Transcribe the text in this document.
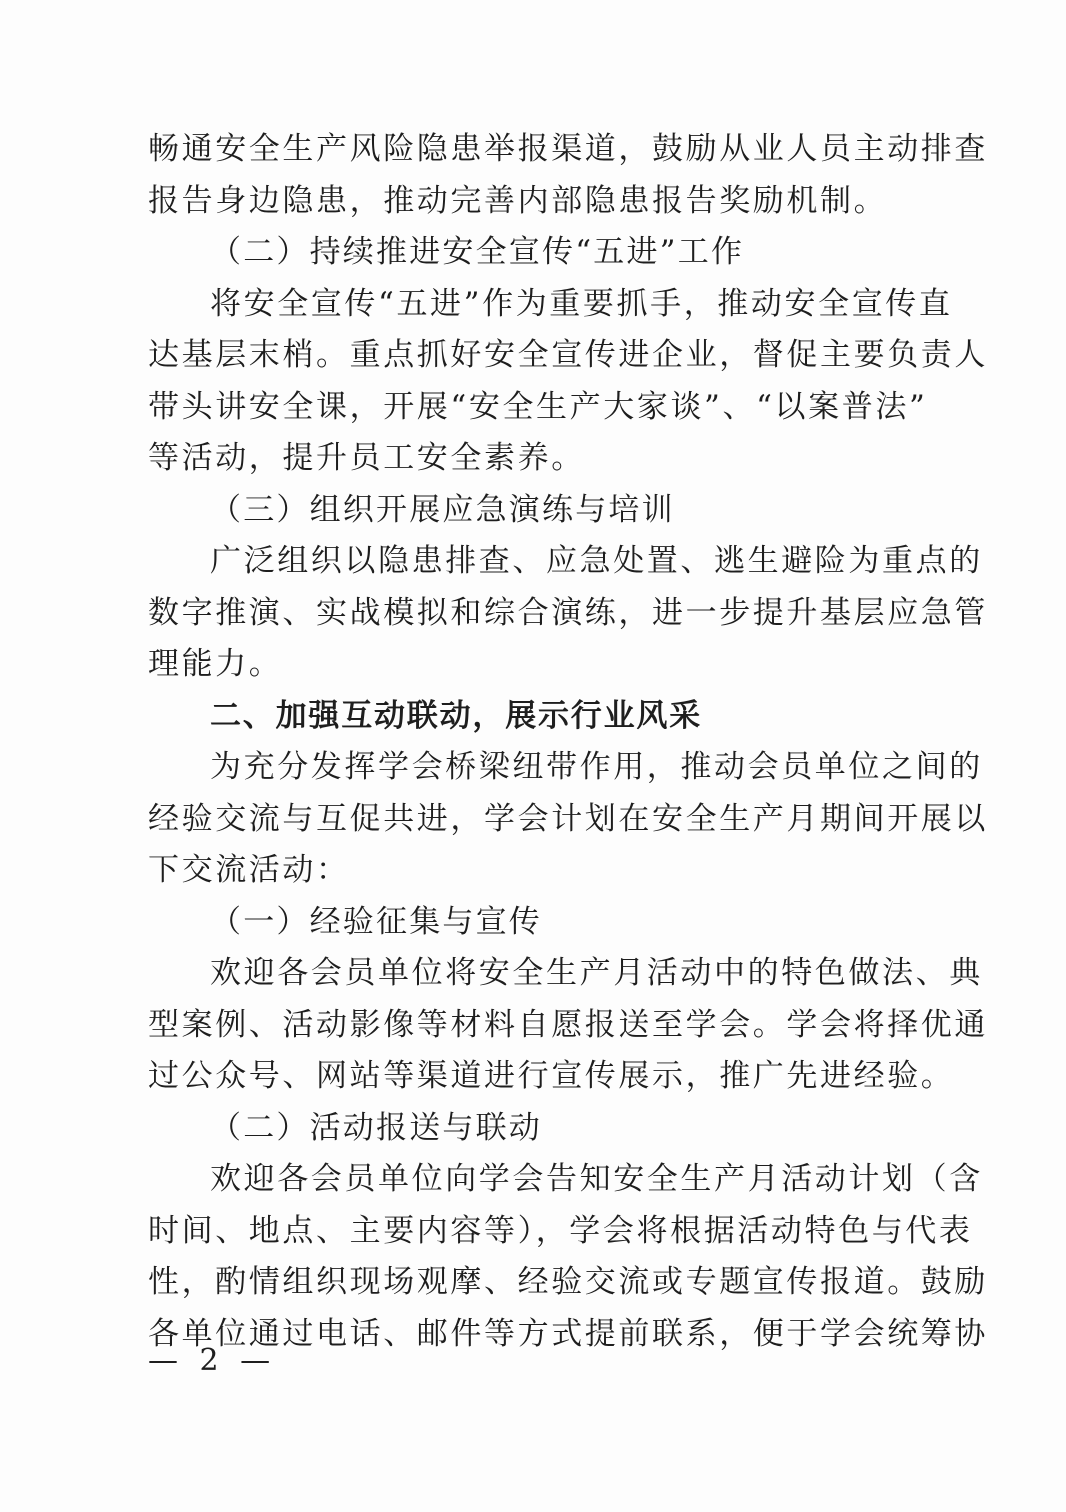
畅通安全生产风险隐患举报渠道，鼓励从业人员主动排查
报告身边隐患，推动完善内部隐患报告奖励机制。
（二）持续推进安全宣传“五进”工作
将安全宣传“五进”作为重要抓手，推动安全宣传直
达基层末梢。重点抓好安全宣传进企业，督促主要负责人
带头讲安全课，开展“安全生产大家谈”、“以案普法”
等活动，提升员工安全素养。
（三）组织开展应急演练与培训
广泛组织以隐患排查、应急处置、逃生避险为重点的
数字推演、实战模拟和综合演练，进一步提升基层应急管
理能力。
二、加强互动联动，展示行业风采
为充分发挥学会桥梁纽带作用，推动会员单位之间的
经验交流与互促共进，学会计划在安全生产月期间开展以
下交流活动：
（一）经验征集与宣传
欢迎各会员单位将安全生产月活动中的特色做法、典
型案例、活动影像等材料自愿报送至学会。学会将择优通
过公众号、网站等渠道进行宣传展示，推广先进经验。
（二）活动报送与联动
欢迎各会员单位向学会告知安全生产月活动计划（含
时间、地点、主要内容等），学会将根据活动特色与代表
性，酌情组织现场观摩、经验交流或专题宣传报道。鼓励
各单位通过电话、邮件等方式提前联系，便于学会统筹协
— 2 —
